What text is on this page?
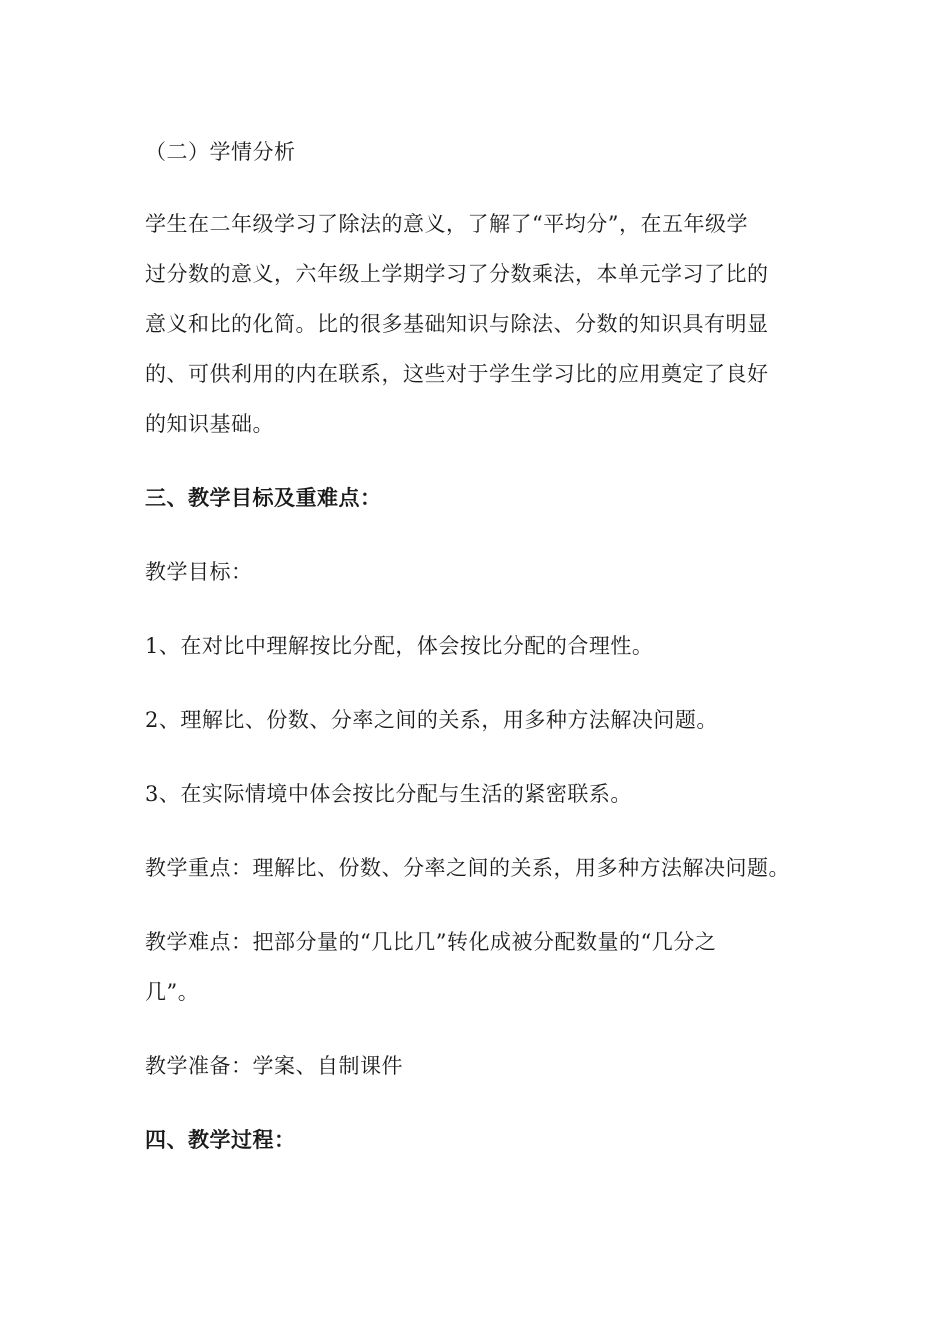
（二）学情分析
学生在二年级学习了除法的意义，了解了“平均分”，在五年级学
过分数的意义，六年级上学期学习了分数乘法，本单元学习了比的
意义和比的化简。比的很多基础知识与除法、分数的知识具有明显
的、可供利用的内在联系，这些对于学生学习比的应用奠定了良好
的知识基础。
三、教学目标及重难点：
教学目标：
1、在对比中理解按比分配，体会按比分配的合理性。
2、理解比、份数、分率之间的关系，用多种方法解决问题。
3、在实际情境中体会按比分配与生活的紧密联系。
教学重点：理解比、份数、分率之间的关系，用多种方法解决问题。
教学难点：把部分量的“几比几”转化成被分配数量的“几分之
几”。
教学准备：学案、自制课件
四、教学过程：
